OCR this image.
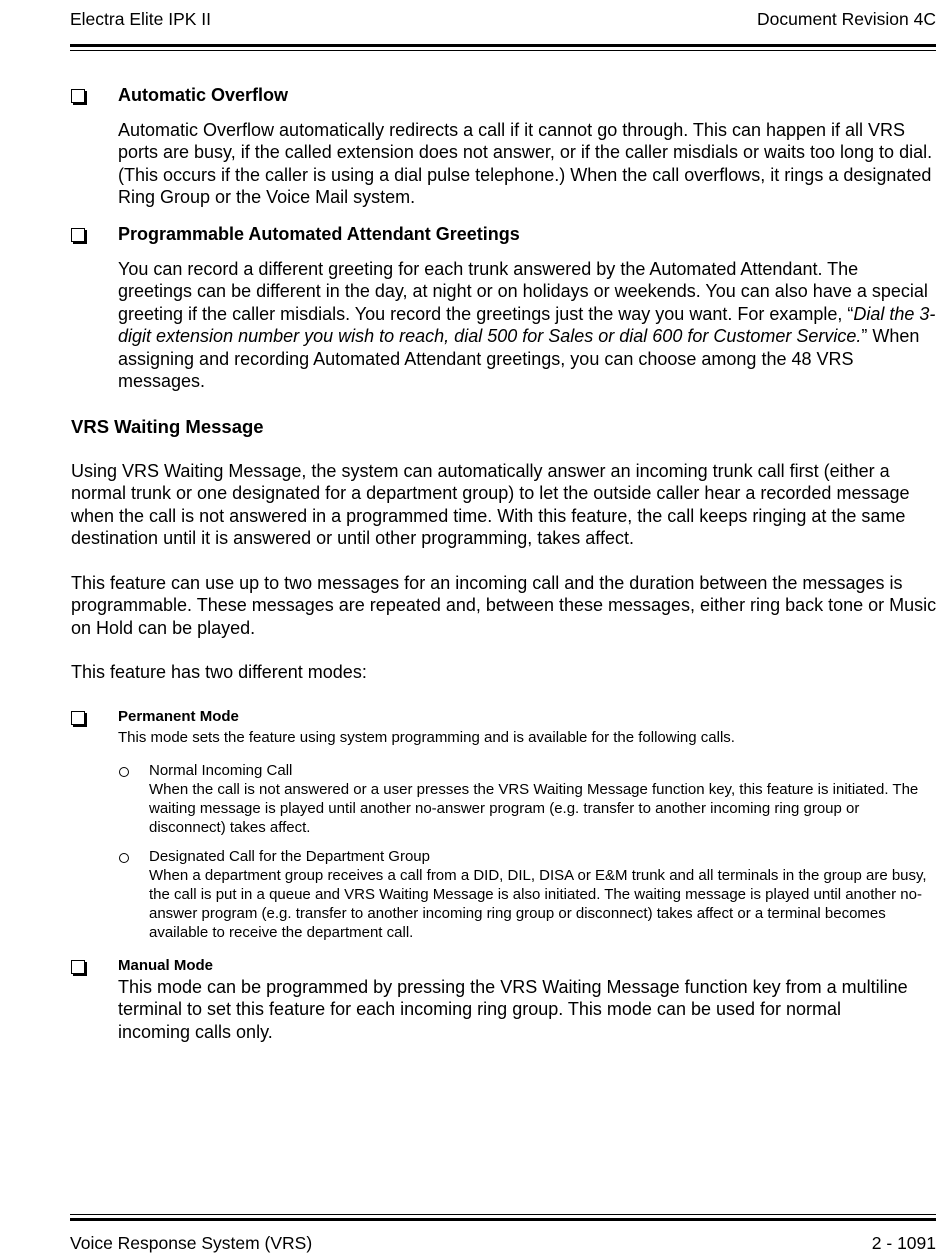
Electra Elite IPK II	Document Revision 4C
Automatic Overflow
Automatic Overflow automatically redirects a call if it cannot go through. This can happen if all VRS ports are busy, if the called extension does not answer, or if the caller misdials or waits too long to dial. (This occurs if the caller is using a dial pulse telephone.) When the call overflows, it rings a designated Ring Group or the Voice Mail system.
Programmable Automated Attendant Greetings
You can record a different greeting for each trunk answered by the Automated Attendant. The greetings can be different in the day, at night or on holidays or weekends. You can also have a special greeting if the caller misdials. You record the greetings just the way you want. For example, “Dial the 3-digit extension number you wish to reach, dial 500 for Sales or dial 600 for Customer Service.” When assigning and recording Automated Attendant greetings, you can choose among the 48 VRS messages.
VRS Waiting Message
Using VRS Waiting Message, the system can automatically answer an incoming trunk call first (either a normal trunk or one designated for a department group) to let the outside caller hear a recorded message when the call is not answered in a programmed time. With this feature, the call keeps ringing at the same destination until it is answered or until other programming, takes affect.
This feature can use up to two messages for an incoming call and the duration between the messages is programmable. These messages are repeated and, between these messages, either ring back tone or Music on Hold can be played.
This feature has two different modes:
Permanent Mode
This mode sets the feature using system programming and is available for the following calls.
Normal Incoming Call
When the call is not answered or a user presses the VRS Waiting Message function key, this feature is initiated. The waiting message is played until another no-answer program (e.g. transfer to another incoming ring group or disconnect) takes affect.
Designated Call for the Department Group
When a department group receives a call from a DID, DIL, DISA or E&M trunk and all terminals in the group are busy, the call is put in a queue and VRS Waiting Message is also initiated. The waiting message is played until another no-answer program (e.g. transfer to another incoming ring group or disconnect) takes affect or a terminal becomes available to receive the department call.
Manual Mode
This mode can be programmed by pressing the VRS Waiting Message function key from a multiline terminal to set this feature for each incoming ring group. This mode can be used for normal incoming calls only.
Voice Response System (VRS)	2 - 1091
